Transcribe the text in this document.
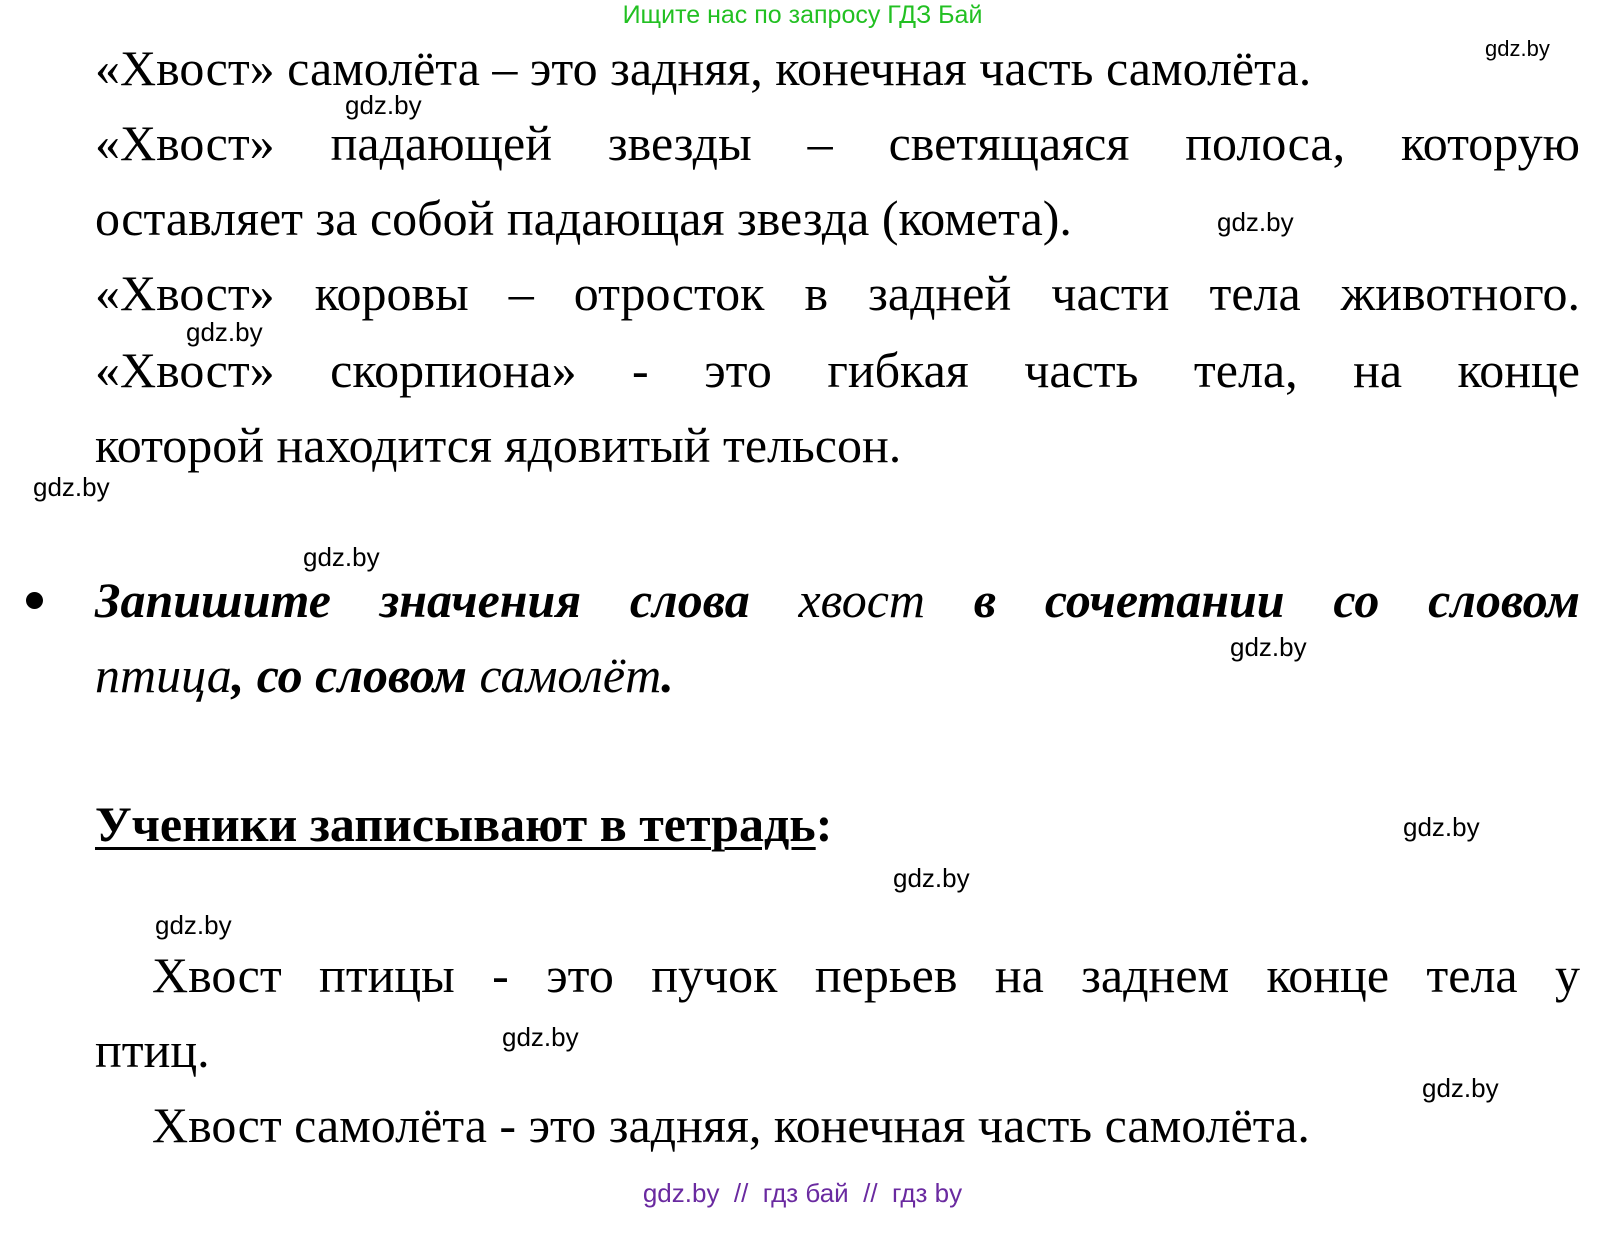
Ищите нас по запросу ГДЗ Бай
«Хвост» самолёта – это задняя, конечная часть самолёта.
«Хвост» падающей звезды – светящаяся полоса, которую
оставляет за собой падающая звезда (комета).
«Хвост» коровы – отросток в задней части тела животного.
«Хвост» скорпиона» - это гибкая часть тела, на конце
которой находится ядовитый тельсон.
Запишите значения слова хвост в сочетании со словом
птица, со словом самолёт.
Ученики записывают в тетрадь:
Хвост птицы - это пучок перьев на заднем конце тела у
птиц.
Хвост самолёта - это задняя, конечная часть самолёта.
gdz.by
gdz.by
gdz.by
gdz.by
gdz.by
gdz.by
gdz.by
gdz.by
gdz.by
gdz.by
gdz.by
gdz.by
gdz.by  //  гдз бай  //  гдз by
